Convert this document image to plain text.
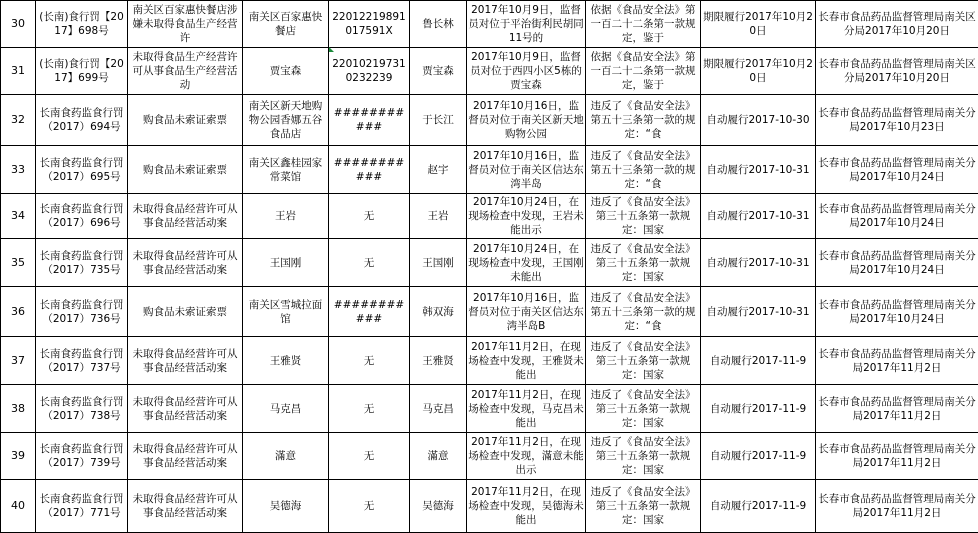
30	(长南)食行罚【2017】698号	南关区百家惠快餐店涉嫌未取得食品生产经营许	南关区百家惠快餐店	22012219891017591X	鲁长林	2017年10月9日，监督员对位于平治街利民胡同11号的	依据《食品安全法》第一百二十二条第一款规定，鉴于	期限履行2017年10月20日	长春市食品药品监督管理局南关区分局2017年10月20日

31	(长南)食行罚【2017】699号	未取得食品生产经营许可从事食品生产经营活动	贾宝森	220102197310232239	贾宝森	2017年10月9日，监督员对位于西四小区5栋的贾宝森	依据《食品安全法》第一百二十二条第一款规定，鉴于	期限履行2017年10月20日	长春市食品药品监督管理局南关区分局2017年10月20日

32	长南食药监食行罚（2017）694号	购食品未索证索票	南关区新天地购物公园香娜五谷食品店	###########	于长江	2017年10月16日，监督员对位于南关区新天地购物公园	违反了《食品安全法》第五十三条第一款的规定：“食	自动履行2017-10-30	长春市食品药品监督管理局南关分局2017年10月23日

33	长南食药监食行罚（2017）695号	购食品未索证索票	南关区鑫桂园家常菜馆	###########	赵宇	2017年10月16日，监督员对位于南关区信达东湾半岛	违反了《食品安全法》第五十三条第一款的规定：“食	自动履行2017-10-31	长春市食品药品监督管理局南关分局2017年10月24日

34	长南食药监食行罚（2017）696号	未取得食品经营许可从事食品经营活动案	王岩	无	王岩	2017年10月24日，在现场检查中发现，王岩未能出示	违反了《食品安全法》第三十五条第一款规定：国家	自动履行2017-10-31	长春市食品药品监督管理局南关分局2017年10月24日

35	长南食药监食行罚（2017）735号	未取得食品经营许可从事食品经营活动案	王国刚	无	王国刚	2017年10月24日，在现场检查中发现，王国刚未能出	违反了《食品安全法》第三十五条第一款规定：国家	自动履行2017-10-31	长春市食品药品监督管理局南关分局2017年10月24日

36	长南食药监食行罚（2017）736号	购食品未索证索票	南关区雪城拉面馆	###########	韩双海	2017年10月16日，监督员对位于南关区信达东湾半岛B	违反了《食品安全法》第五十三条第一款的规定：“食	自动履行2017-10-31	长春市食品药品监督管理局南关分局2017年10月24日

37	长南食药监食行罚（2017）737号	未取得食品经营许可从事食品经营活动案	王雅贤	无	王雅贤	2017年11月2日，在现场检查中发现，王雅贤未能出	违反了《食品安全法》第三十五条第一款规定：国家	自动履行2017-11-9	长春市食品药品监督管理局南关分局2017年11月2日

38	长南食药监食行罚（2017）738号	未取得食品经营许可从事食品经营活动案	马克昌	无	马克昌	2017年11月2日，在现场检查中发现，马克昌未能出	违反了《食品安全法》第三十五条第一款规定：国家	自动履行2017-11-9	长春市食品药品监督管理局南关分局2017年11月2日

39	长南食药监食行罚（2017）739号	未取得食品经营许可从事食品经营活动案	滿意	无	滿意	2017年11月2日，在现场检查中发现，滿意未能出示	违反了《食品安全法》第三十五条第一款规定：国家	自动履行2017-11-9	长春市食品药品监督管理局南关分局2017年11月2日

40	长南食药监食行罚（2017）771号	未取得食品经营许可从事食品经营活动案	吴德海	无	吴德海	2017年11月2日，在现场检查中发现，吴德海未能出	违反了《食品安全法》第三十五条第一款规定：国家	自动履行2017-11-9	长春市食品药品监督管理局南关分局2017年11月2日
